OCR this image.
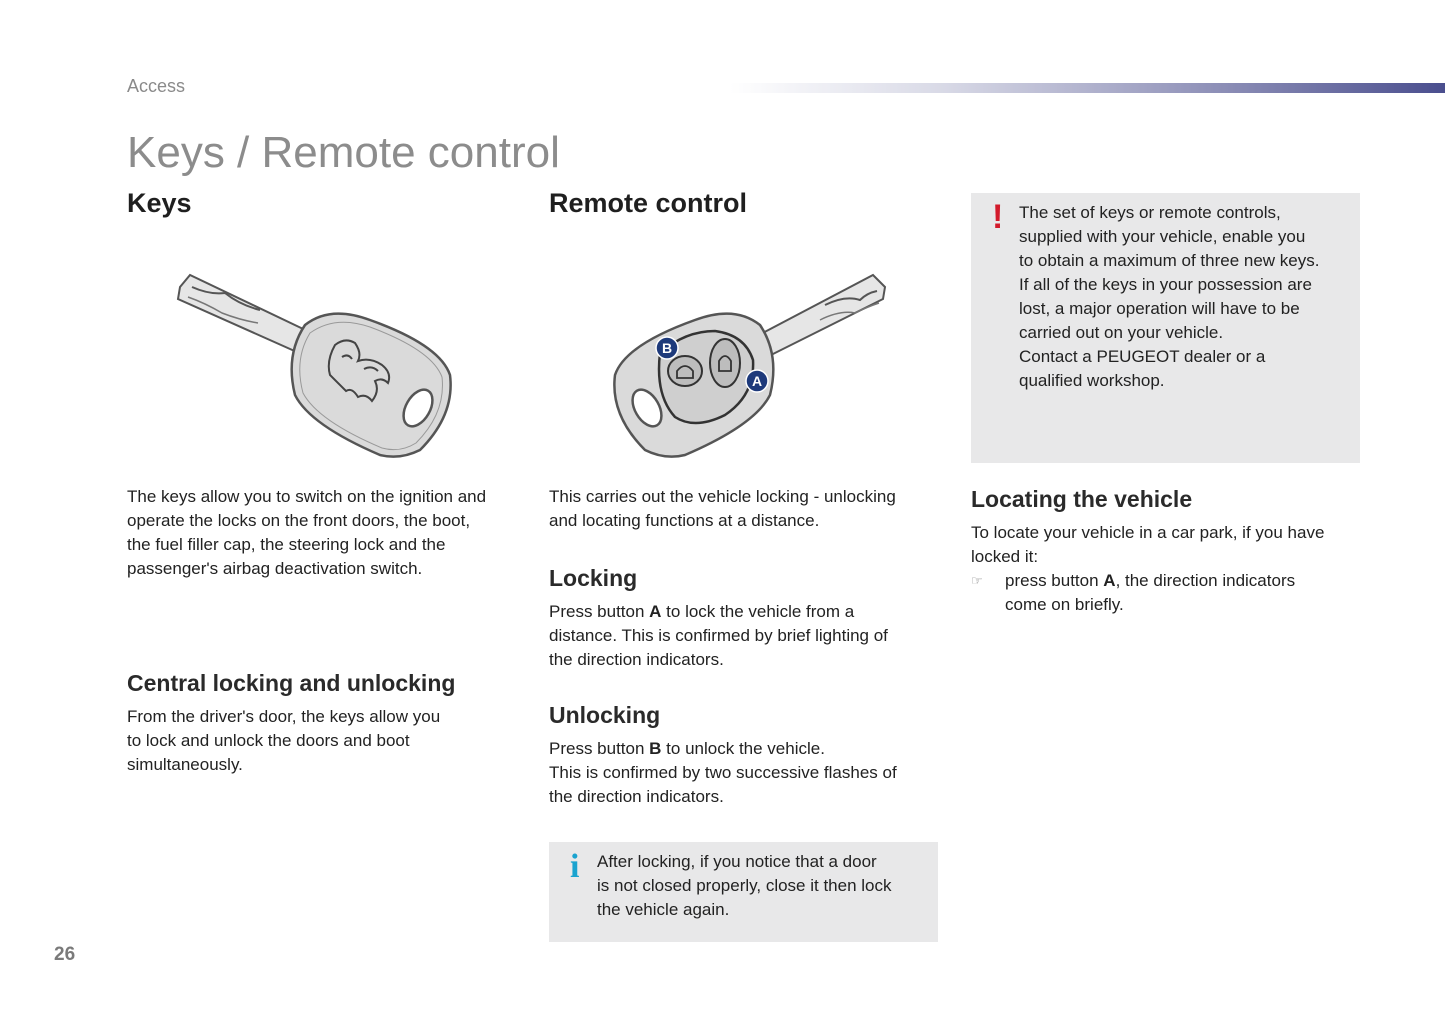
Access
Keys / Remote control
Keys

The keys allow you to switch on the ignition and

operate the locks on the front doors, the boot,

the fuel filler cap, the steering lock and the

passenger's airbag deactivation switch.

Central locking and unlocking

From the driver's door, the keys allow you

to lock and unlock the doors and boot

simultaneously.

Remote control
B
A

This carries out the vehicle locking - unlocking

and locating functions at a distance.

Locking

Press button A to lock the vehicle from a

distance. This is confirmed by brief lighting of

the direction indicators.

Unlocking

Press button B to unlock the vehicle.

This is confirmed by two successive flashes of

the direction indicators.

i After locking, if you notice that a door

is not closed properly, close it then lock

the vehicle again.

! The set of keys or remote controls,

supplied with your vehicle, enable you

to obtain a maximum of three new keys.

If all of the keys in your possession are

lost, a major operation will have to be

carried out on your vehicle.

Contact a PEUGEOT dealer or a

qualified workshop.

Locating the vehicle

To locate your vehicle in a car park, if you have

locked it:

☞ press button A, the direction indicators

come on briefly.

26
